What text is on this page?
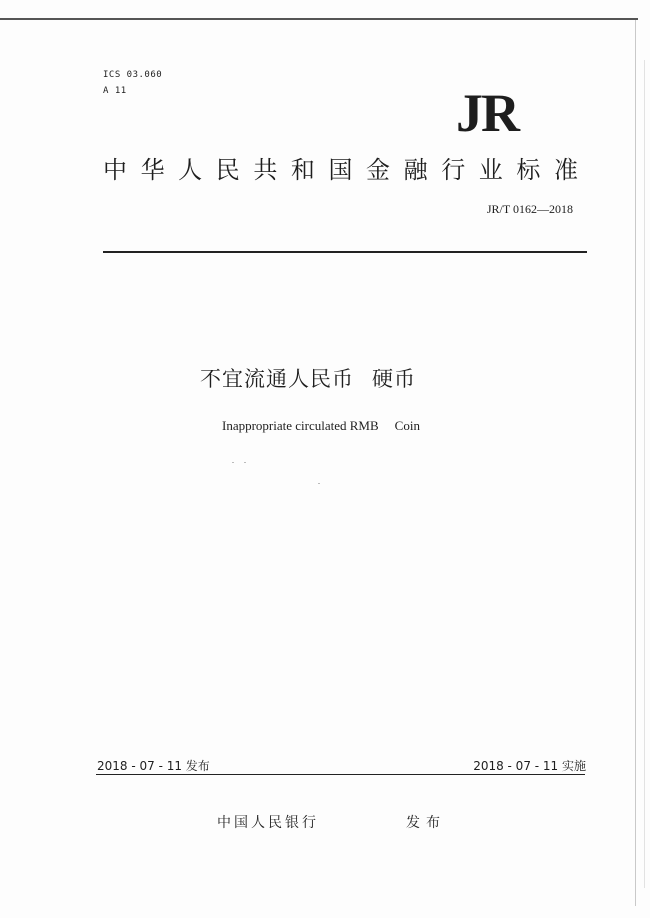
ICS 03.060
A 11	JR
中 华 人 民 共 和 国 金 融 行 业 标 准
JR/T 0162—2018
不宜流通人民币 硬币
Inappropriate circulated RMB Coin
2018 - 07 - 11 发布	2018 - 07 - 11 实施
中国人民银行	发布
